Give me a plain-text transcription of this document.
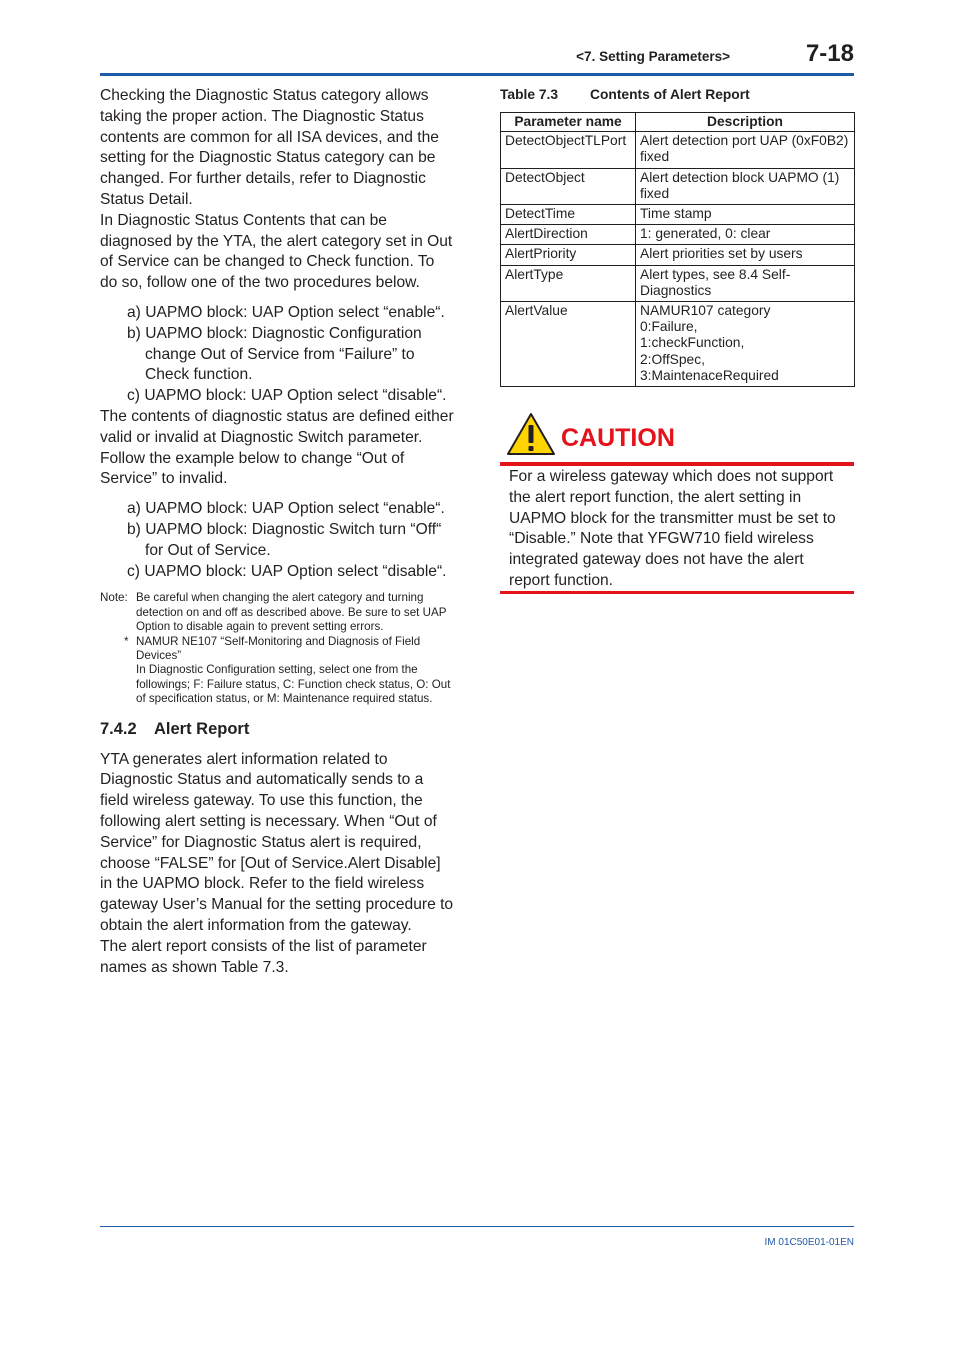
<7. Setting Parameters>	7-18

Checking the Diagnostic Status category allows taking the proper action. The Diagnostic Status contents are common for all ISA devices, and the setting for the Diagnostic Status category can be changed. For further details, refer to Diagnostic Status Detail.

In Diagnostic Status Contents that can be diagnosed by the YTA, the alert category set in Out of Service can be changed to Check function. To do so, follow one of the two procedures below.

a) UAPMO block: UAP Option select “enable“.
b) UAPMO block: Diagnostic Configuration change Out of Service from “Failure” to Check function.
c) UAPMO block: UAP Option select “disable“.

The contents of diagnostic status are defined either valid or invalid at Diagnostic Switch parameter. Follow the example below to change “Out of Service” to invalid.

a) UAPMO block: UAP Option select “enable“.
b) UAPMO block: Diagnostic Switch turn “Off“ for Out of Service.
c) UAPMO block: UAP Option select “disable“.
Note: Be careful when changing the alert category and turning detection on and off as described above. Be sure to set UAP Option to disable again to prevent setting errors.
* NAMUR NE107 “Self-Monitoring and Diagnosis of Field Devices”
In Diagnostic Configuration setting, select one from the followings; F: Failure status, C: Function check status, O: Out of specification status, or M: Maintenance required status.
7.4.2 Alert Report

YTA generates alert information related to Diagnostic Status and automatically sends to a field wireless gateway. To use this function, the following alert setting is necessary. When “Out of Service” for Diagnostic Status alert is required, choose “FALSE” for [Out of Service.Alert Disable] in the UAPMO block. Refer to the field wireless gateway User’s Manual for the setting procedure to obtain the alert information from the gateway.

The alert report consists of the list of parameter names as shown Table 7.3.

Table 7.3 Contents of Alert Report
Parameter name	Description
DetectObjectTLPort	Alert detection port UAP (0xF0B2) fixed
DetectObject	Alert detection block UAPMO (1) fixed
DetectTime	Time stamp
AlertDirection	1: generated, 0: clear
AlertPriority	Alert priorities set by users
AlertType	Alert types, see 8.4 Self-Diagnostics
AlertValue	NAMUR107 category
0:Failure,
1:checkFunction,
2:OffSpec,
3:MaintenaceRequired
CAUTION
For a wireless gateway which does not support the alert report function, the alert setting in UAPMO block for the transmitter must be set to “Disable.” Note that YFGW710 field wireless integrated gateway does not have the alert report function.
IM 01C50E01-01EN
